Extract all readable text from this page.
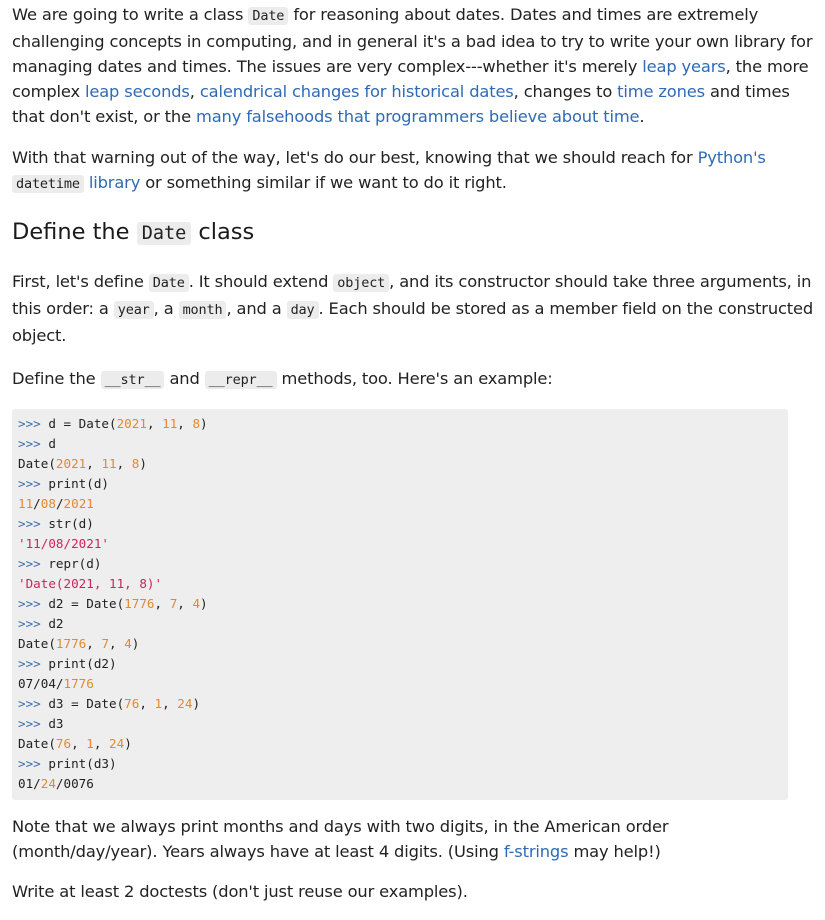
We are going to write a class Date for reasoning about dates. Dates and times are extremely challenging concepts in computing, and in general it's a bad idea to try to write your own library for managing dates and times. The issues are very complex---whether it's merely leap years, the more complex leap seconds, calendrical changes for historical dates, changes to time zones and times that don't exist, or the many falsehoods that programmers believe about time.

With that warning out of the way, let's do our best, knowing that we should reach for Python's datetime library or something similar if we want to do it right.

Define the Date class

First, let's define Date . It should extend object , and its constructor should take three arguments, in this order: a year , a month , and a day . Each should be stored as a member field on the constructed object.

Define the __str__ and __repr__ methods, too. Here's an example:

>>> d = Date(2021, 11, 8)
>>> d
Date(2021, 11, 8)
>>> print(d)
11/08/2021
>>> str(d)
'11/08/2021'
>>> repr(d)
'Date(2021, 11, 8)'
>>> d2 = Date(1776, 7, 4)
>>> d2
Date(1776, 7, 4)
>>> print(d2)
07/04/1776
>>> d3 = Date(76, 1, 24)
>>> d3
Date(76, 1, 24)
>>> print(d3)
01/24/0076

Note that we always print months and days with two digits, in the American order (month/day/year). Years always have at least 4 digits. (Using f-strings may help!)

Write at least 2 doctests (don't just reuse our examples).
